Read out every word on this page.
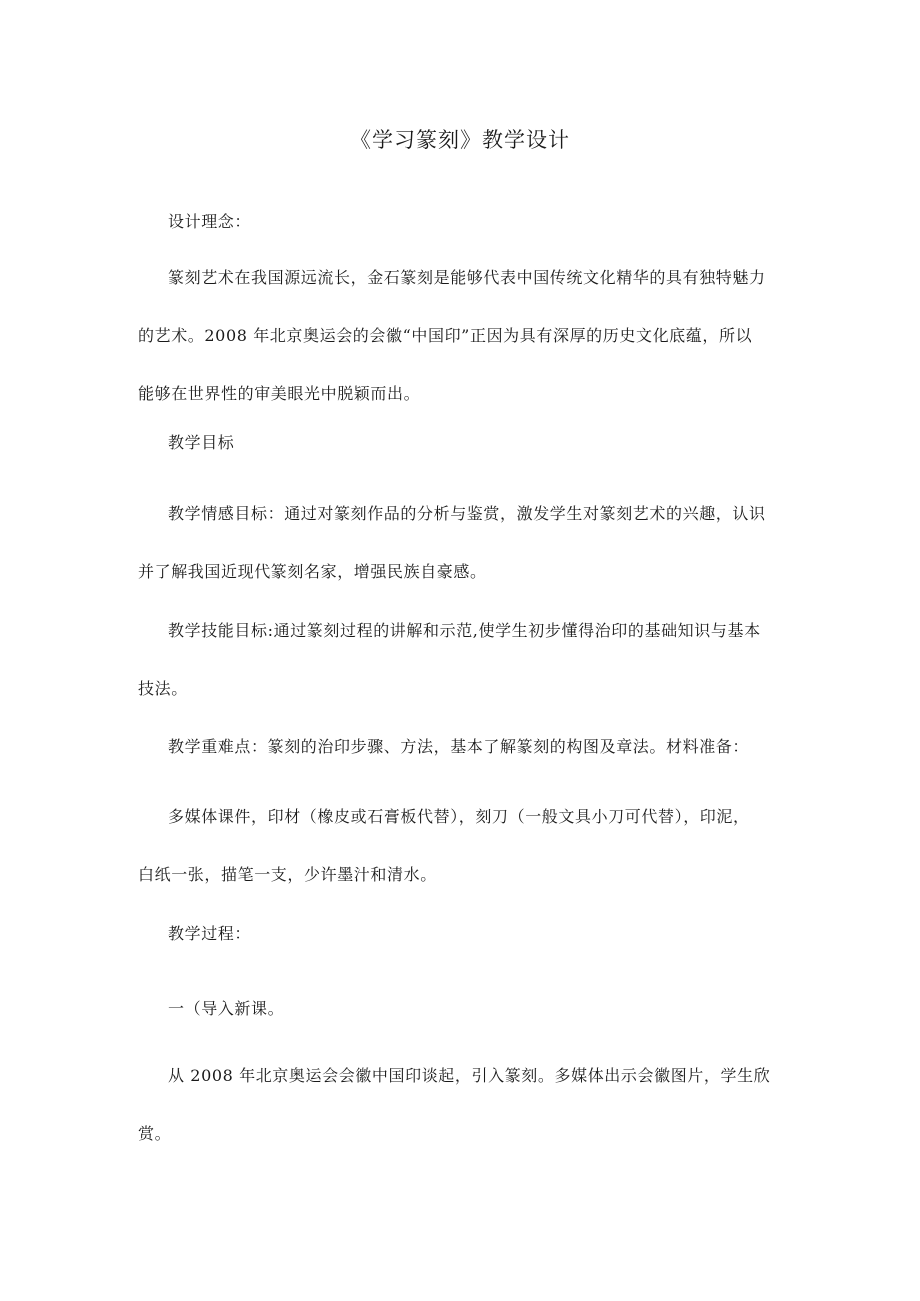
《学习篆刻》教学设计

设计理念：

篆刻艺术在我国源远流长，金石篆刻是能够代表中国传统文化精华的具有独特魅力
的艺术。2008 年北京奥运会的会徽“中国印”正因为具有深厚的历史文化底蕴，所以
能够在世界性的审美眼光中脱颖而出。

教学目标

教学情感目标：通过对篆刻作品的分析与鉴赏，激发学生对篆刻艺术的兴趣，认识
并了解我国近现代篆刻名家，增强民族自豪感。

教学技能目标:通过篆刻过程的讲解和示范,使学生初步懂得治印的基础知识与基本
技法。

教学重难点：篆刻的治印步骤、方法，基本了解篆刻的构图及章法。材料准备：

多媒体课件，印材（橡皮或石膏板代替），刻刀（一般文具小刀可代替），印泥，
白纸一张，描笔一支，少许墨汁和清水。

教学过程：

一（导入新课。

从 2008 年北京奥运会会徽中国印谈起，引入篆刻。多媒体出示会徽图片，学生欣
赏。
